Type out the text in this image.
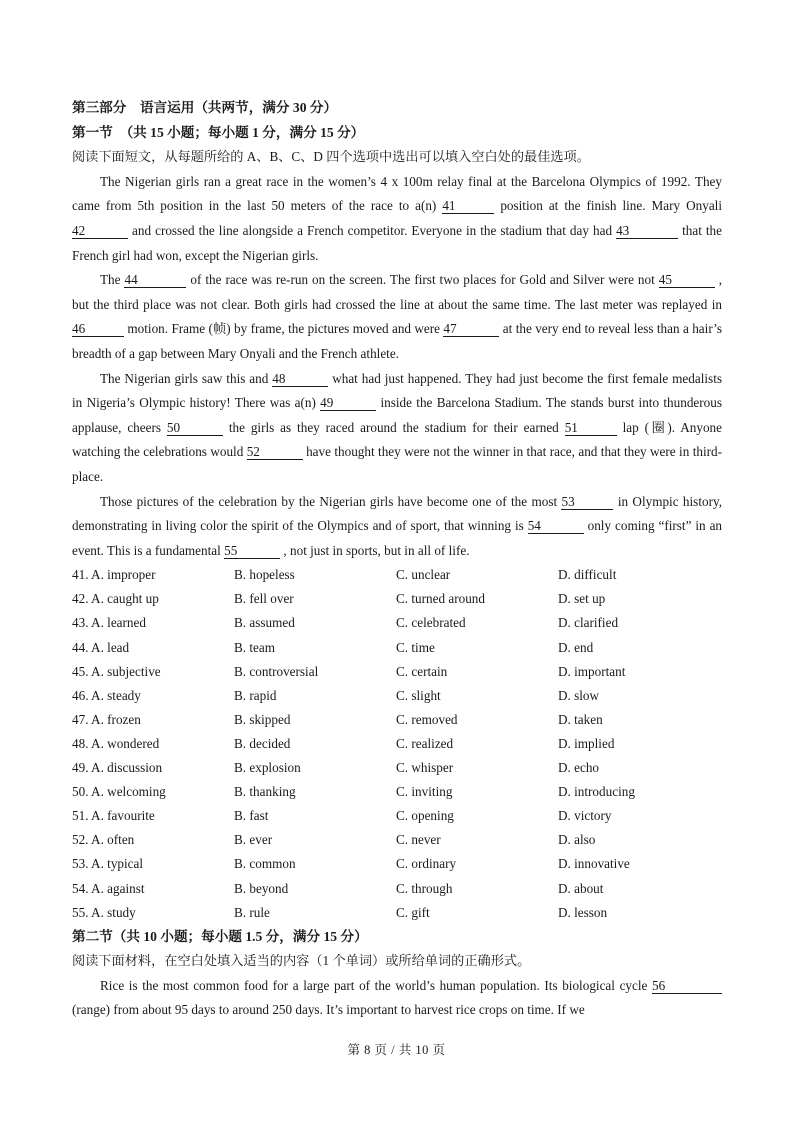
第三部分　语言运用（共两节，满分 30 分）
第一节　（共 15 小题；每小题 1 分，满分 15 分）
阅读下面短文，从每题所给的 A、B、C、D 四个选项中选出可以填入空白处的最佳选项。
The Nigerian girls ran a great race in the women’s 4 x 100m relay final at the Barcelona Olympics of 1992. They came from 5th position in the last 50 meters of the race to a(n) 41	position at the finish line. Mary Onyali 42	and crossed the line alongside a French competitor. Everyone in the stadium that day had 43	that the French girl had won, except the Nigerian girls.
The 44	of the race was re-run on the screen. The first two places for Gold and Silver were not 45	, but the third place was not clear. Both girls had crossed the line at about the same time. The last meter was replayed in 46	motion. Frame (帧) by frame, the pictures moved and were 47	at the very end to reveal less than a hair’s breadth of a gap between Mary Onyali and the French athlete.
The Nigerian girls saw this and 48	what had just happened. They had just become the first female medalists in Nigeria’s Olympic history! There was a(n) 49	inside the Barcelona Stadium. The stands burst into thunderous applause, cheers 50	the girls as they raced around the stadium for their earned 51	lap (圈). Anyone watching the celebrations would 52	have thought they were not the winner in that race, and that they were in third-place.
Those pictures of the celebration by the Nigerian girls have become one of the most 53	in Olympic history, demonstrating in living color the spirit of the Olympics and of sport, that winning is 54	only coming “first” in an event. This is a fundamental 55	, not just in sports, but in all of life.
41. A. improper	B. hopeless	C. unclear	D. difficult
42. A. caught up	B. fell over	C. turned around	D. set up
43. A. learned	B. assumed	C. celebrated	D. clarified
44. A. lead	B. team	C. time	D. end
45. A. subjective	B. controversial	C. certain	D. important
46. A. steady	B. rapid	C. slight	D. slow
47. A. frozen	B. skipped	C. removed	D. taken
48. A. wondered	B. decided	C. realized	D. implied
49. A. discussion	B. explosion	C. whisper	D. echo
50. A. welcoming	B. thanking	C. inviting	D. introducing
51. A. favourite	B. fast	C. opening	D. victory
52. A. often	B. ever	C. never	D. also
53. A. typical	B. common	C. ordinary	D. innovative
54. A. against	B. beyond	C. through	D. about
55. A. study	B. rule	C. gift	D. lesson
第二节（共 10 小题；每小题 1.5 分，满分 15 分）
阅读下面材料，在空白处填入适当的内容（1 个单词）或所给单词的正确形式。
Rice is the most common food for a large part of the world’s human population. Its biological cycle 56 (range) from about 95 days to around 250 days. It’s important to harvest rice crops on time. If we
第 8 页 / 共 10 页
